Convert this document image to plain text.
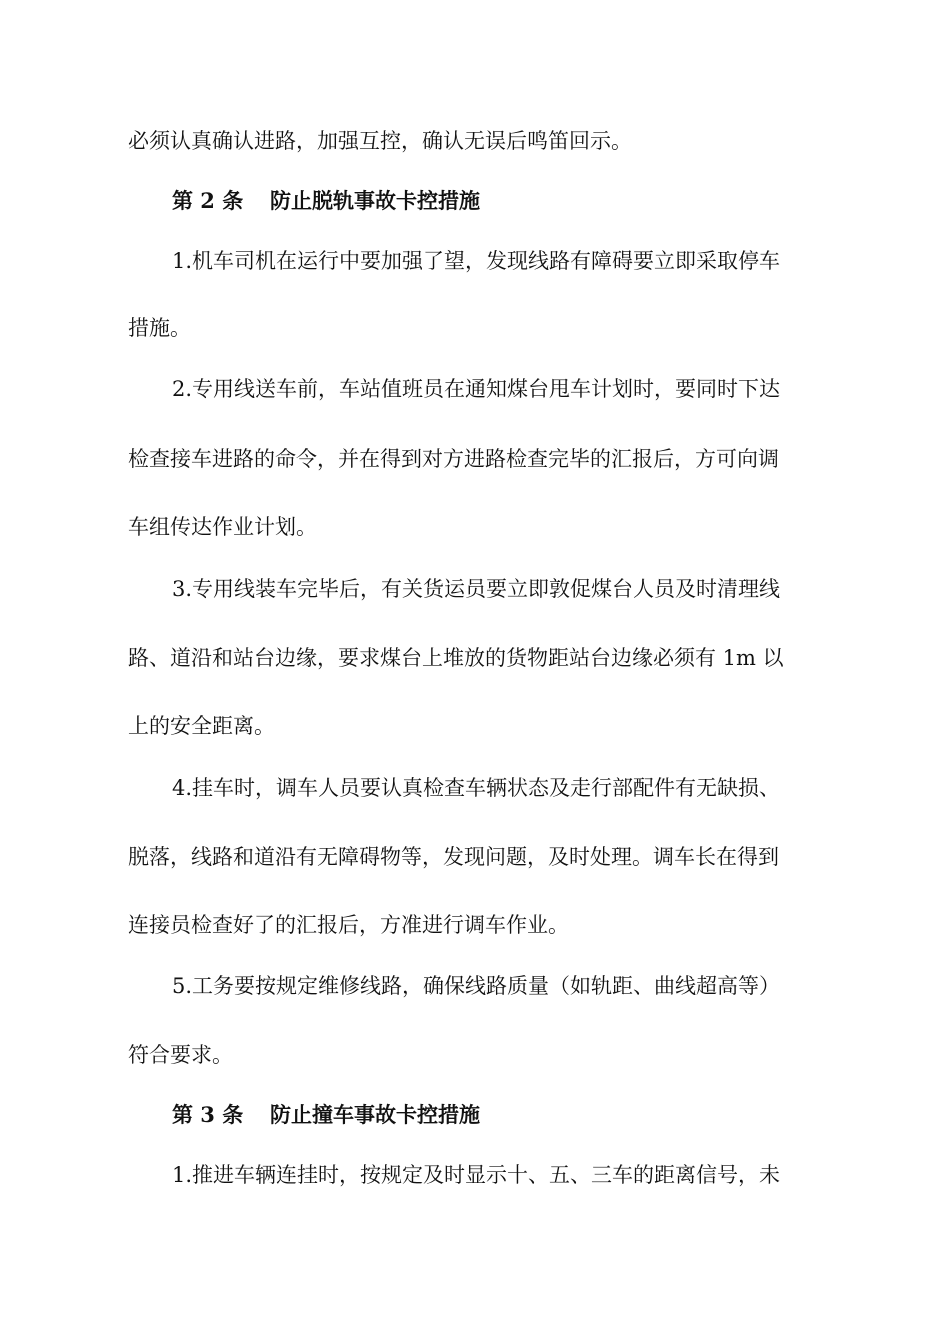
必须认真确认进路，加强互控，确认无误后鸣笛回示。
第 2 条 防止脱轨事故卡控措施
1.机车司机在运行中要加强了望，发现线路有障碍要立即采取停车
措施。
2.专用线送车前，车站值班员在通知煤台甩车计划时，要同时下达
检查接车进路的命令，并在得到对方进路检查完毕的汇报后，方可向调
车组传达作业计划。
3.专用线装车完毕后，有关货运员要立即敦促煤台人员及时清理线
路、道沿和站台边缘，要求煤台上堆放的货物距站台边缘必须有 1m 以
上的安全距离。
4.挂车时，调车人员要认真检查车辆状态及走行部配件有无缺损、
脱落，线路和道沿有无障碍物等，发现问题，及时处理。调车长在得到
连接员检查好了的汇报后，方准进行调车作业。
5.工务要按规定维修线路，确保线路质量（如轨距、曲线超高等）
符合要求。
第 3 条 防止撞车事故卡控措施
1.推进车辆连挂时，按规定及时显示十、五、三车的距离信号，未
